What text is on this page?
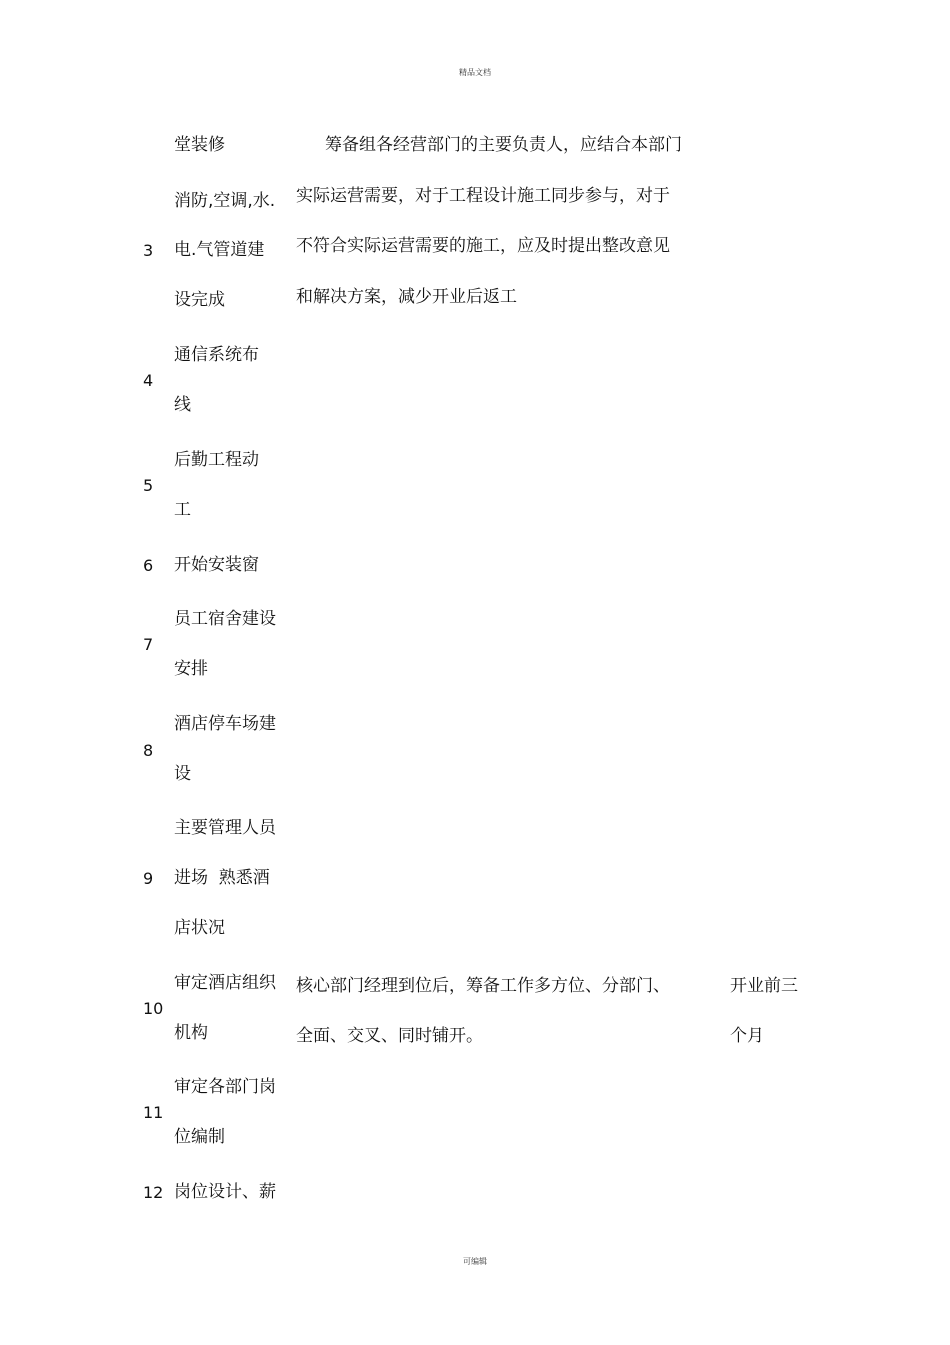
精品文档
堂装修
消防,空调,水.
3 电.气管道建
设完成
筹备组各经营部门的主要负责人，应结合本部门
实际运营需要，对于工程设计施工同步参与，对于
不符合实际运营需要的施工，应及时提出整改意见
和解决方案，减少开业后返工
通信系统布
4
线
后勤工程动
5
工
6 开始安装窗
员工宿舍建设
7
安排
酒店停车场建
8
设
主要管理人员
9 进场  熟悉酒
店状况
审定酒店组织
10
机构
核心部门经理到位后，筹备工作多方位、分部门、
全面、交叉、同时铺开。
开业前三
个月
审定各部门岗
11
位编制
12 岗位设计、薪
可编辑
